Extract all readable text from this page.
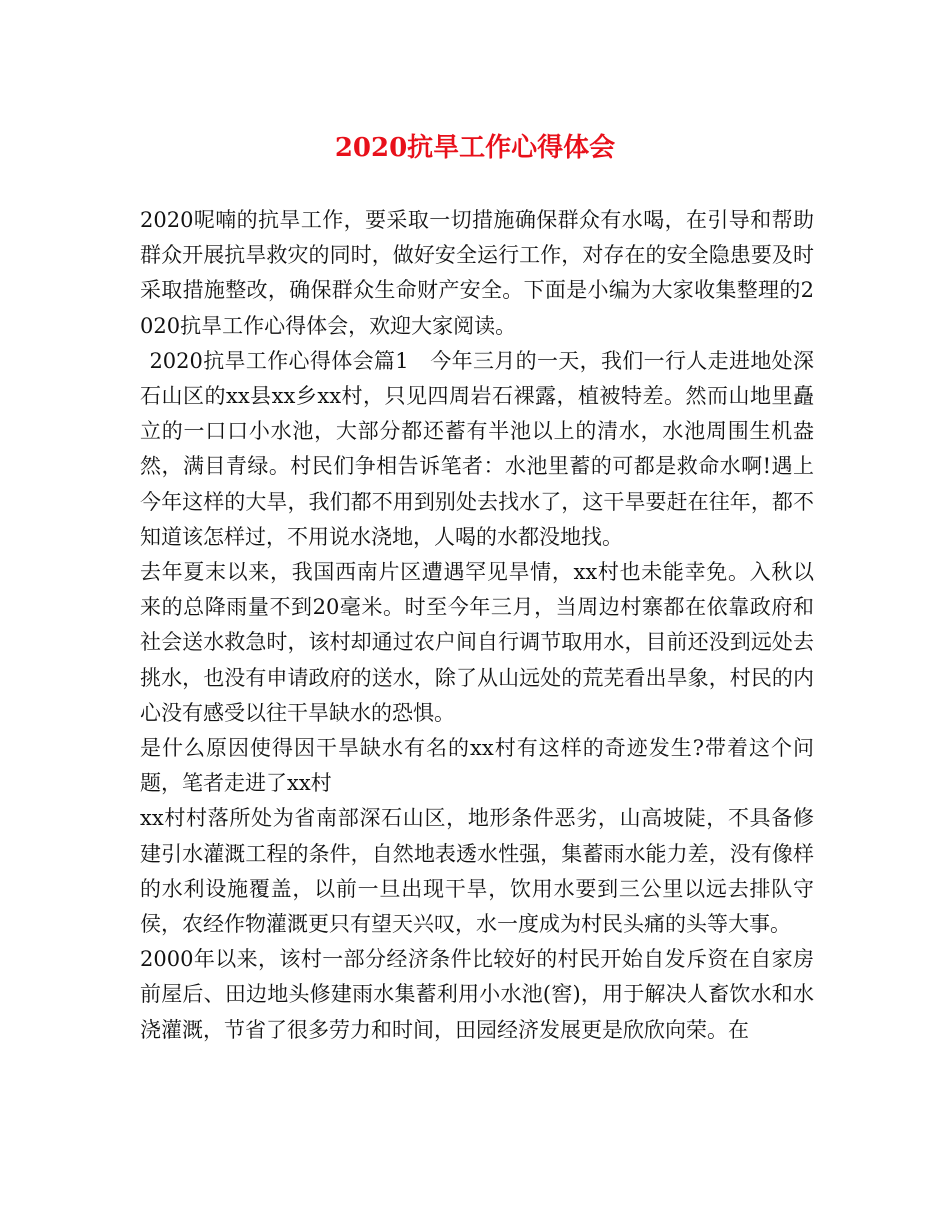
2020抗旱工作心得体会

2020呢喃的抗旱工作，要采取一切措施确保群众有水喝，在引导和帮助群众开展抗旱救灾的同时，做好安全运行工作，对存在的安全隐患要及时采取措施整改，确保群众生命财产安全。下面是小编为大家收集整理的2020抗旱工作心得体会，欢迎大家阅读。

2020抗旱工作心得体会篇1　今年三月的一天，我们一行人走进地处深石山区的xx县xx乡xx村，只见四周岩石裸露，植被特差。然而山地里矗立的一口口小水池，大部分都还蓄有半池以上的清水，水池周围生机盎然，满目青绿。村民们争相告诉笔者：水池里蓄的可都是救命水啊!遇上今年这样的大旱，我们都不用到别处去找水了，这干旱要赶在往年，都不知道该怎样过，不用说水浇地，人喝的水都没地找。

去年夏末以来，我国西南片区遭遇罕见旱情，xx村也未能幸免。入秋以来的总降雨量不到20毫米。时至今年三月，当周边村寨都在依靠政府和社会送水救急时，该村却通过农户间自行调节取用水，目前还没到远处去挑水，也没有申请政府的送水，除了从山远处的荒芜看出旱象，村民的内心没有感受以往干旱缺水的恐惧。

是什么原因使得因干旱缺水有名的xx村有这样的奇迹发生?带着这个问题，笔者走进了xx村

xx村村落所处为省南部深石山区，地形条件恶劣，山高坡陡，不具备修建引水灌溉工程的条件，自然地表透水性强，集蓄雨水能力差，没有像样的水利设施覆盖，以前一旦出现干旱，饮用水要到三公里以远去排队守侯，农经作物灌溉更只有望天兴叹，水一度成为村民头痛的头等大事。

2000年以来，该村一部分经济条件比较好的村民开始自发斥资在自家房前屋后、田边地头修建雨水集蓄利用小水池(窖)，用于解决人畜饮水和水浇灌溉，节省了很多劳力和时间，田园经济发展更是欣欣向荣。在
